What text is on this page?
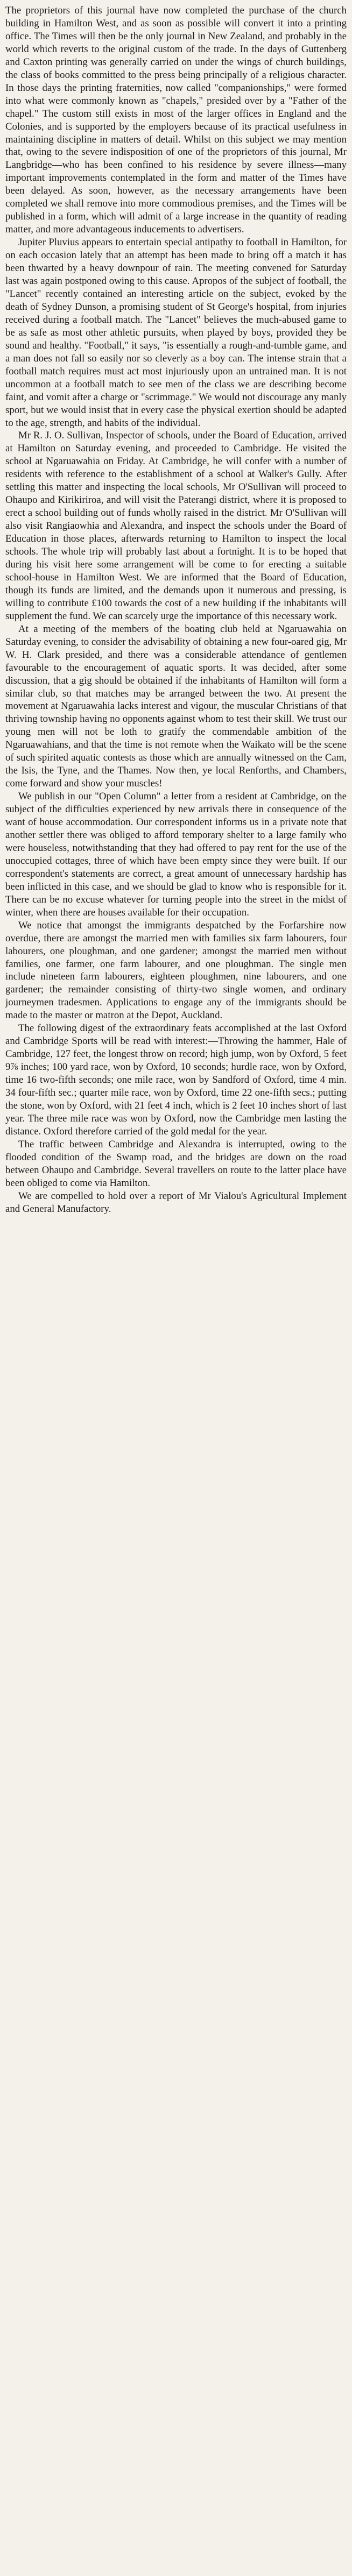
The proprietors of this journal have now completed the purchase of the church building in Hamilton West, and as soon as possible will convert it into a printing office. The Times will then be the only journal in New Zealand, and probably in the world which reverts to the original custom of the trade. In the days of Guttenberg and Caxton printing was generally carried on under the wings of church buildings, the class of books committed to the press being principally of a religious character. In those days the printing fraternities, now called "companionships," were formed into what were commonly known as "chapels," presided over by a "Father of the chapel." The custom still exists in most of the larger offices in England and the Colonies, and is supported by the employers because of its practical usefulness in maintaining discipline in matters of detail. Whilst on this subject we may mention that, owing to the severe indisposition of one of the proprietors of this journal, Mr Langbridge—who has been confined to his residence by severe illness—many important improvements contemplated in the form and matter of the Times have been delayed. As soon, however, as the necessary arrangements have been completed we shall remove into more commodious premises, and the Times will be published in a form, which will admit of a large increase in the quantity of reading matter, and more advantageous inducements to advertisers.

Jupiter Pluvius appears to entertain special antipathy to football in Hamilton, for on each occasion lately that an attempt has been made to bring off a match it has been thwarted by a heavy downpour of rain. The meeting convened for Saturday last was again postponed owing to this cause. Apropos of the subject of football, the "Lancet" recently contained an interesting article on the subject, evoked by the death of Sydney Dunson, a promising student of St George's hospital, from injuries received during a football match. The "Lancet" believes the much-abused game to be as safe as most other athletic pursuits, when played by boys, provided they be sound and healthy. "Football," it says, "is essentially a rough-and-tumble game, and a man does not fall so easily nor so cleverly as a boy can. The intense strain that a football match requires must act most injuriously upon an untrained man. It is not uncommon at a football match to see men of the class we are describing become faint, and vomit after a charge or "scrimmage." We would not discourage any manly sport, but we would insist that in every case the physical exertion should be adapted to the age, strength, and habits of the individual.

Mr R. J. O. Sullivan, Inspector of schools, under the Board of Education, arrived at Hamilton on Saturday evening, and proceeded to Cambridge. He visited the school at Ngaruawahia on Friday. At Cambridge, he will confer with a number of residents with reference to the establishment of a school at Walker's Gully. After settling this matter and inspecting the local schools, Mr O'Sullivan will proceed to Ohaupo and Kirikiriroa, and will visit the Paterangi district, where it is proposed to erect a school building out of funds wholly raised in the district. Mr O'Sullivan will also visit Rangiaowhia and Alexandra, and inspect the schools under the Board of Education in those places, afterwards returning to Hamilton to inspect the local schools. The whole trip will probably last about a fortnight. It is to be hoped that during his visit here some arrangement will be come to for erecting a suitable school-house in Hamilton West. We are informed that the Board of Education, though its funds are limited, and the demands upon it numerous and pressing, is willing to contribute £100 towards the cost of a new building if the inhabitants will supplement the fund. We can scarcely urge the importance of this necessary work.

At a meeting of the members of the boating club held at Ngaruawahia on Saturday evening, to consider the advisability of obtaining a new four-oared gig, Mr W. H. Clark presided, and there was a considerable attendance of gentlemen favourable to the encouragement of aquatic sports. It was decided, after some discussion, that a gig should be obtained if the inhabitants of Hamilton will form a similar club, so that matches may be arranged between the two. At present the movement at Ngaruawahia lacks interest and vigour, the muscular Christians of that thriving township having no opponents against whom to test their skill. We trust our young men will not be loth to gratify the commendable ambition of the Ngaruawahians, and that the time is not remote when the Waikato will be the scene of such spirited aquatic contests as those which are annually witnessed on the Cam, the Isis, the Tyne, and the Thames. Now then, ye local Renforths, and Chambers, come forward and show your muscles!

We publish in our "Open Column" a letter from a resident at Cambridge, on the subject of the difficulties experienced by new arrivals there in consequence of the want of house accommodation. Our correspondent informs us in a private note that another settler there was obliged to afford temporary shelter to a large family who were houseless, notwithstanding that they had offered to pay rent for the use of the unoccupied cottages, three of which have been empty since they were built. If our correspondent's statements are correct, a great amount of unnecessary hardship has been inflicted in this case, and we should be glad to know who is responsible for it. There can be no excuse whatever for turning people into the street in the midst of winter, when there are houses available for their occupation.

We notice that amongst the immigrants despatched by the Forfarshire now overdue, there are amongst the married men with families six farm labourers, four labourers, one ploughman, and one gardener; amongst the married men without families, one farmer, one farm labourer, and one ploughman. The single men include nineteen farm labourers, eighteen ploughmen, nine labourers, and one gardener; the remainder consisting of thirty-two single women, and ordinary journeymen tradesmen. Applications to engage any of the immigrants should be made to the master or matron at the Depot, Auckland.

The following digest of the extraordinary feats accomplished at the last Oxford and Cambridge Sports will be read with interest:—Throwing the hammer, Hale of Cambridge, 127 feet, the longest throw on record; high jump, won by Oxford, 5 feet 9⅞ inches; 100 yard race, won by Oxford, 10 seconds; hurdle race, won by Oxford, time 16 two-fifth seconds; one mile race, won by Sandford of Oxford, time 4 min. 34 four-fifth sec.; quarter mile race, won by Oxford, time 22 one-fifth secs.; putting the stone, won by Oxford, with 21 feet 4 inch, which is 2 feet 10 inches short of last year. The three mile race was won by Oxford, now the Cambridge men lasting the distance. Oxford therefore carried of the gold medal for the year.

The traffic between Cambridge and Alexandra is interrupted, owing to the flooded condition of the Swamp road, and the bridges are down on the road between Ohaupo and Cambridge. Several travellers on route to the latter place have been obliged to come via Hamilton.

We are compelled to hold over a report of Mr Vialou's Agricultural Implement and General Manufactory.
